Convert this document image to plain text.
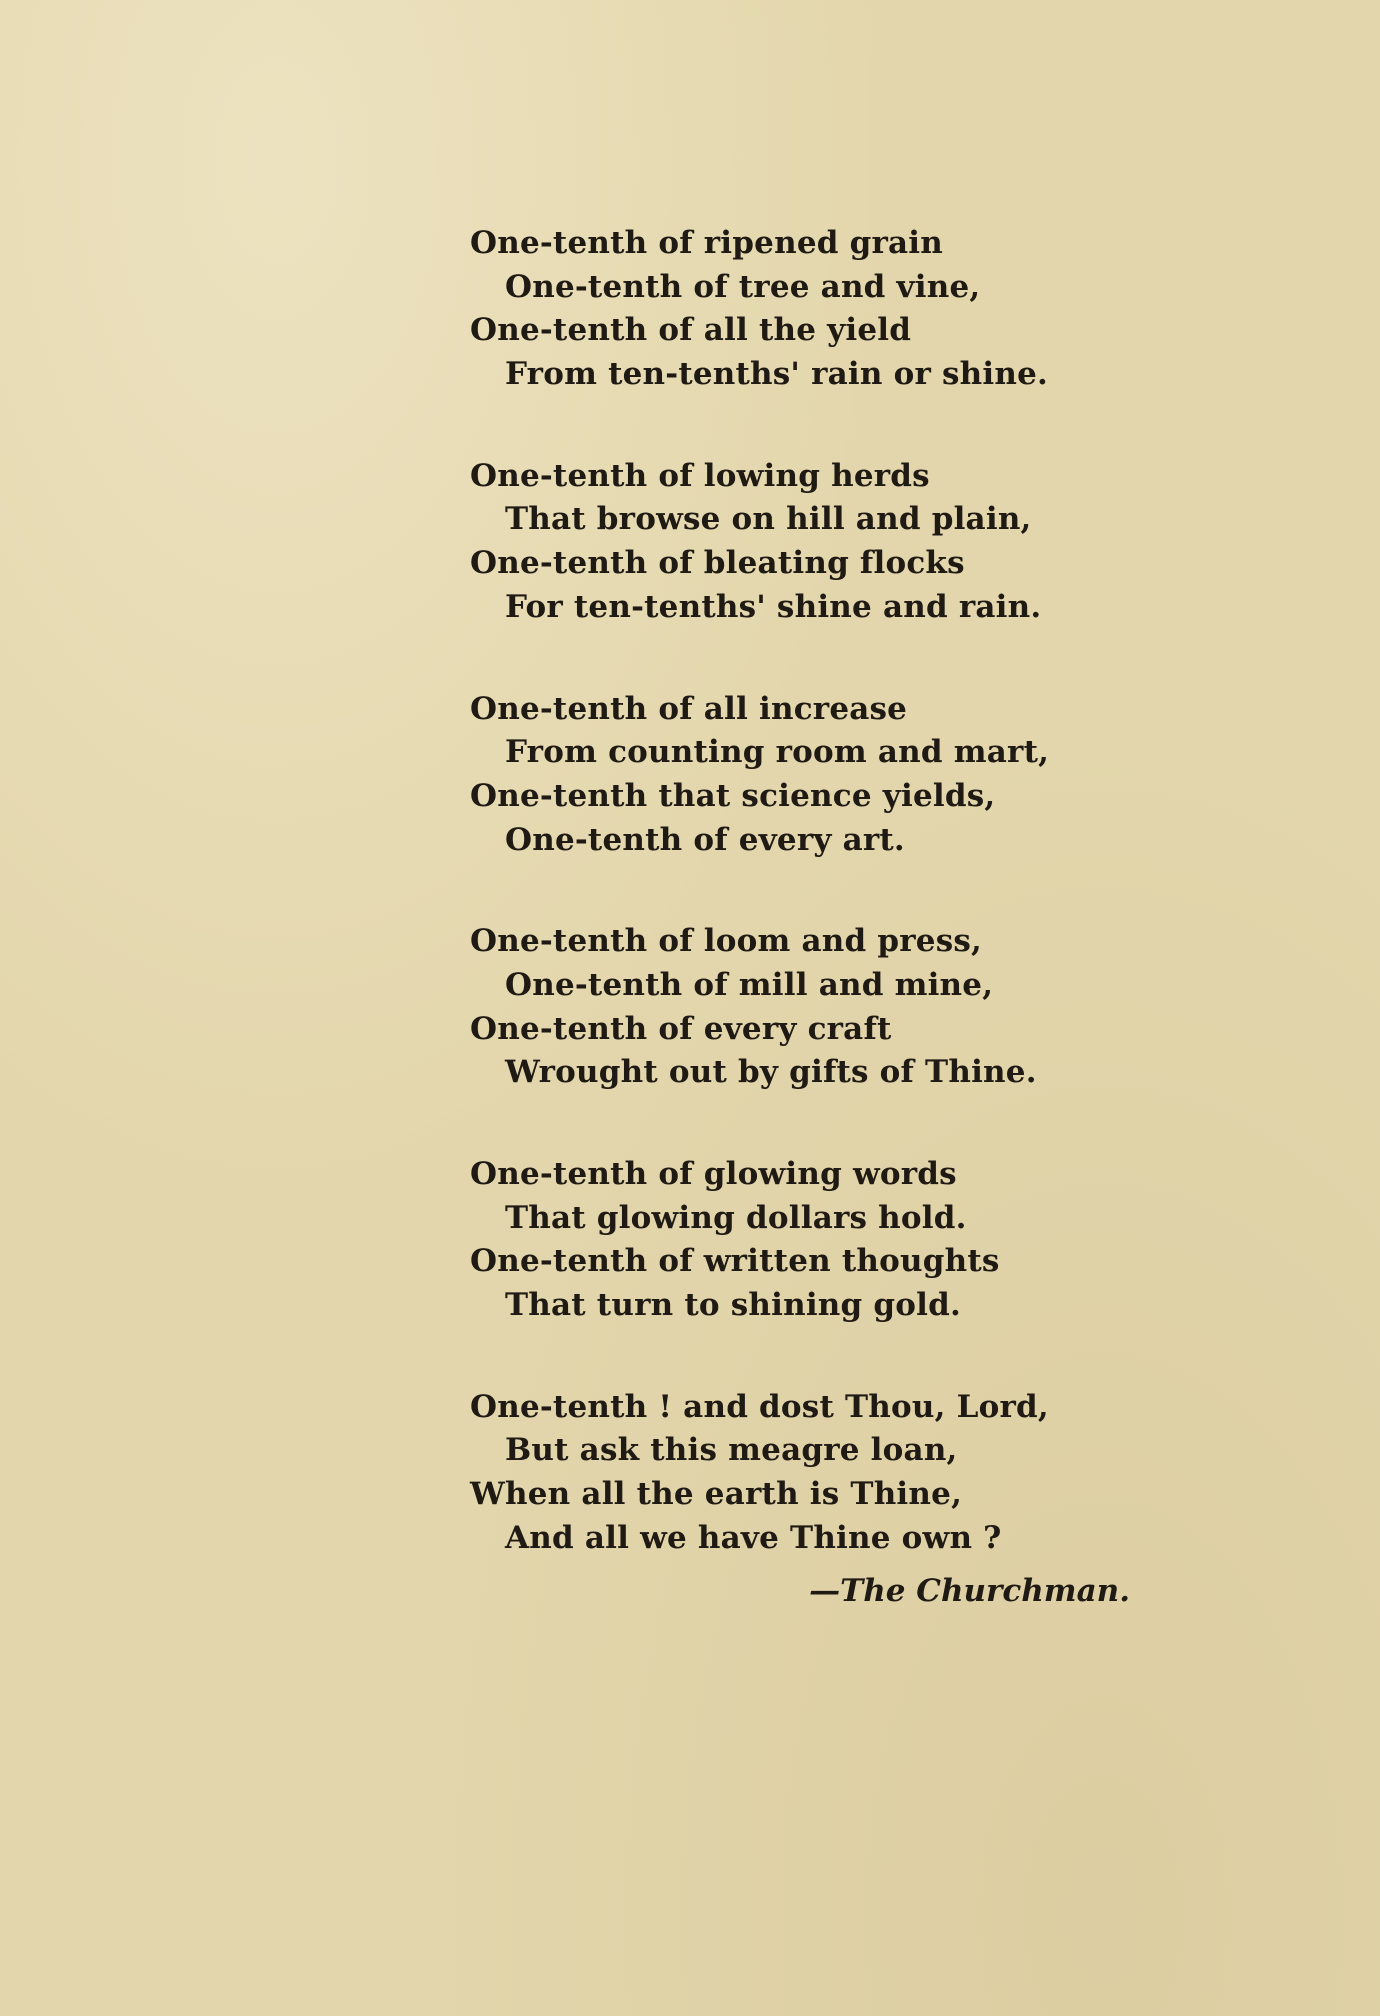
One-tenth of ripened grain
One-tenth of tree and vine,
One-tenth of all the yield
From ten-tenths' rain or shine.
One-tenth of lowing herds
That browse on hill and plain,
One-tenth of bleating flocks
For ten-tenths' shine and rain.
One-tenth of all increase
From counting room and mart,
One-tenth that science yields,
One-tenth of every art.
One-tenth of loom and press,
One-tenth of mill and mine,
One-tenth of every craft
Wrought out by gifts of Thine.
One-tenth of glowing words
That glowing dollars hold.
One-tenth of written thoughts
That turn to shining gold.
One-tenth ! and dost Thou, Lord,
But ask this meagre loan,
When all the earth is Thine,
And all we have Thine own ?
—The Churchman.
